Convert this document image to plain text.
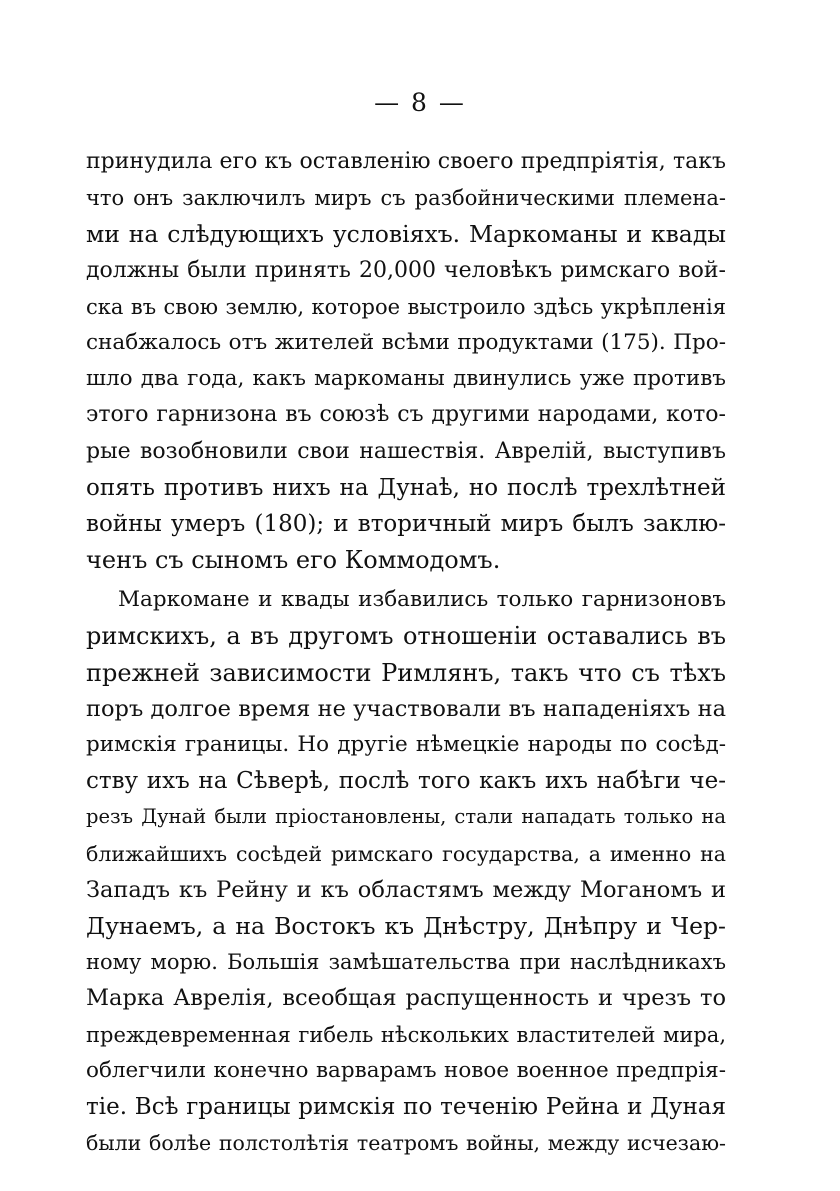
— 8 —
принудила его къ оставленію своего предпріятія, такъ
что онъ заключилъ миръ съ разбойническими племена-
ми на слѣдующихъ условіяхъ. Маркоманы и квады
должны были принять 20,000 человѣкъ римскаго вой-
ска въ свою землю, которое выстроило здѣсь укрѣпленія
снабжалось отъ жителей всѣми продуктами (175). Про-
шло два года, какъ маркоманы двинулись уже противъ
этого гарнизона въ союзѣ съ другими народами, кото-
рые возобновили свои нашествія. Аврелій, выступивъ
опять противъ нихъ на Дунаѣ, но послѣ трехлѣтней
войны умеръ (180); и вторичный миръ былъ заклю-
ченъ съ сыномъ его Коммодомъ.
Маркомане и квады избавились только гарнизоновъ
римскихъ, а въ другомъ отношеніи оставались въ
прежней зависимости Римлянъ, такъ что съ тѣхъ
поръ долгое время не участвовали въ нападеніяхъ на
римскія границы. Но другіе нѣмецкіе народы по сосѣд-
ству ихъ на Сѣверѣ, послѣ того какъ ихъ набѣги че-
резъ Дунай были пріостановлены, стали нападать только на
ближайшихъ сосѣдей римскаго государства, а именно на
Западъ къ Рейну и къ областямъ между Моганомъ и
Дунаемъ, а на Востокъ къ Днѣстру, Днѣпру и Чер-
ному морю. Большія замѣшательства при наслѣдникахъ
Марка Аврелія, всеобщая распущенность и чрезъ то
преждевременная гибель нѣскольких властителей мира,
облегчили конечно варварамъ новое военное предпрія-
тіе. Всѣ границы римскія по теченію Рейна и Дуная
были болѣе полстолѣтія театромъ войны, между исчезаю-
